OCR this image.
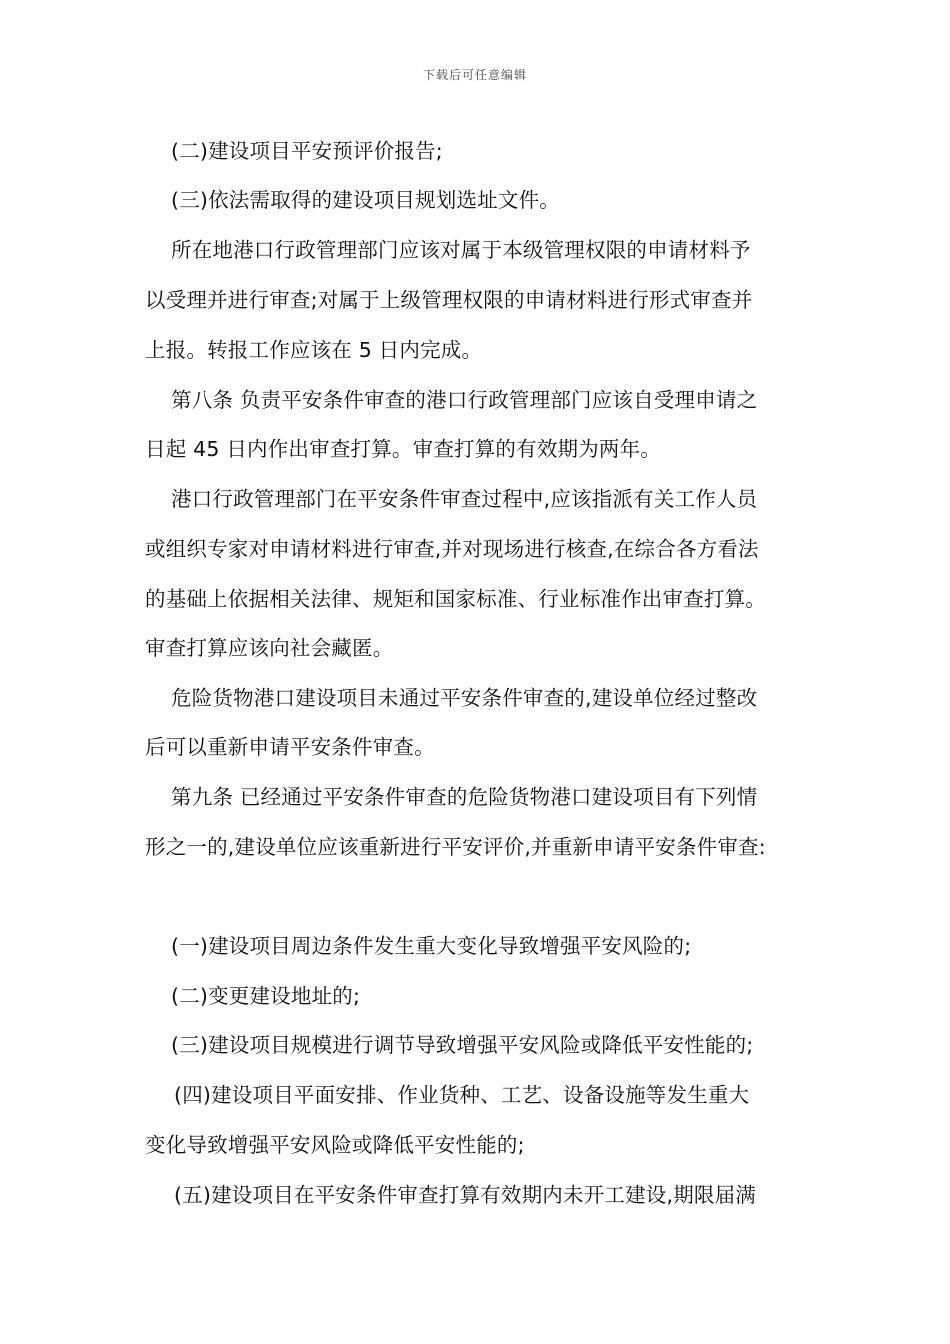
下载后可任意编辑
(二)建设项目平安预评价报告;
(三)依法需取得的建设项目规划选址文件。
所在地港口行政管理部门应该对属于本级管理权限的申请材料予
以受理并进行审查;对属于上级管理权限的申请材料进行形式审查并
上报。转报工作应该在 5 日内完成。
第八条 负责平安条件审查的港口行政管理部门应该自受理申请之
日起 45 日内作出审查打算。审查打算的有效期为两年。
港口行政管理部门在平安条件审查过程中,应该指派有关工作人员
或组织专家对申请材料进行审查,并对现场进行核查,在综合各方看法
的基础上依据相关法律、规矩和国家标准、行业标准作出审查打算。
审查打算应该向社会藏匿。
危险货物港口建设项目未通过平安条件审查的,建设单位经过整改
后可以重新申请平安条件审查。
第九条 已经通过平安条件审查的危险货物港口建设项目有下列情
形之一的,建设单位应该重新进行平安评价,并重新申请平安条件审查:
(一)建设项目周边条件发生重大变化导致增强平安风险的;
(二)变更建设地址的;
(三)建设项目规模进行调节导致增强平安风险或降低平安性能的;
(四)建设项目平面安排、作业货种、工艺、设备设施等发生重大
变化导致增强平安风险或降低平安性能的;
(五)建设项目在平安条件审查打算有效期内未开工建设,期限届满
